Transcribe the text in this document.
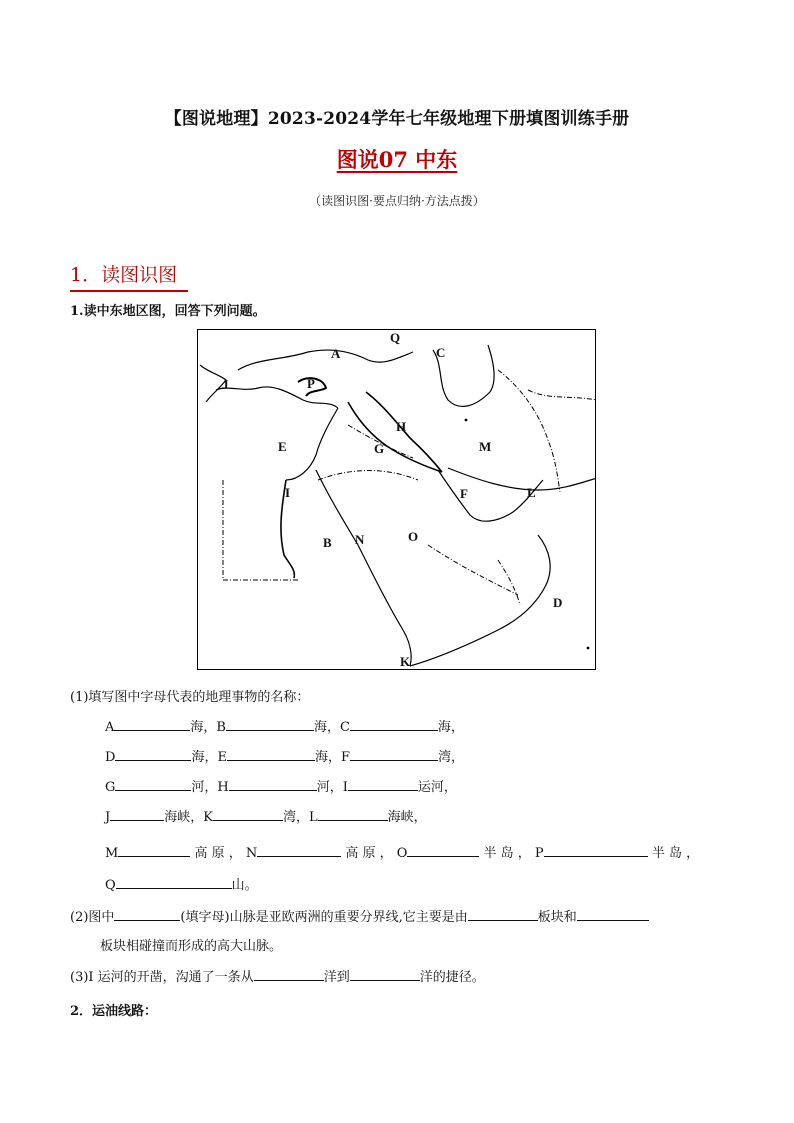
【图说地理】2023-2024学年七年级地理下册填图训练手册
图说07 中东
（读图识图·要点归纳·方法点拨）
1．读图识图
1.读中东地区图，回答下列问题。
A
B
C
D
E
F
G
H
I
J
K
L
M
N	O
P
Q
(1)填写图中字母代表的地理事物的名称：
A	海，B	海，C	海，
D	海，E	海，F	湾，
G	河，H	河，I	运河，
J	海峡，K	湾，L	海峡，
M	高 原 ， N	高 原 ， O	半 岛 ， P	半 岛 ，
Q	山。
(2)图中	(填字母)山脉是亚欧两洲的重要分界线,它主要是由	板块和
板块相碰撞而形成的高大山脉。
(3)I 运河的开凿，沟通了一条从	洋到	洋的捷径。
2．运油线路：
